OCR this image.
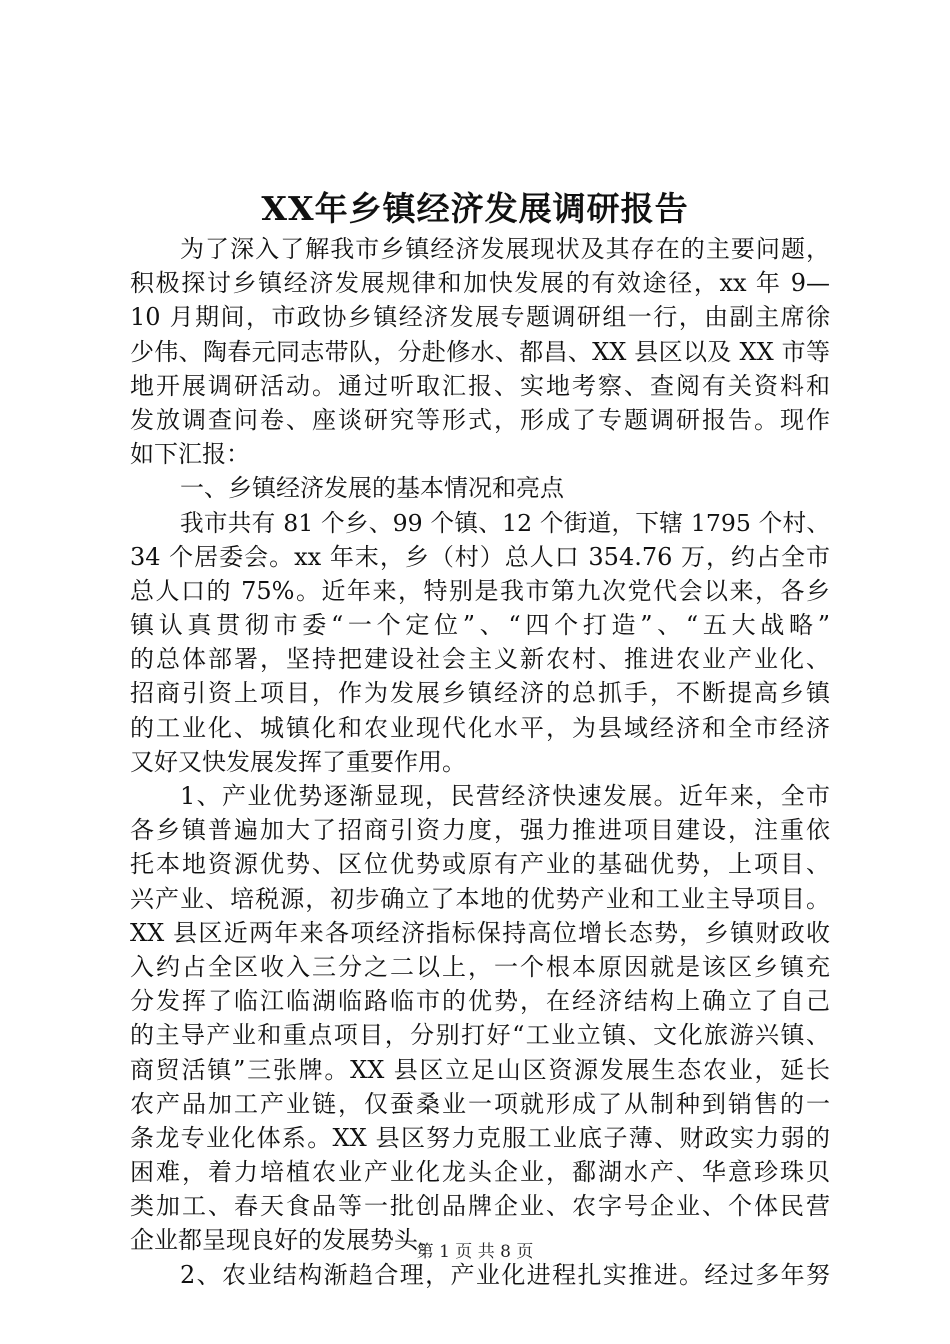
XX年乡镇经济发展调研报告
为了深入了解我市乡镇经济发展现状及其存在的主要问题，
积极探讨乡镇经济发展规律和加快发展的有效途径，xx 年 9—
10 月期间，市政协乡镇经济发展专题调研组一行，由副主席徐
少伟、陶春元同志带队，分赴修水、都昌、XX 县区以及 XX 市等
地开展调研活动。通过听取汇报、实地考察、查阅有关资料和
发放调查问卷、座谈研究等形式，形成了专题调研报告。现作
如下汇报：
一、乡镇经济发展的基本情况和亮点
我市共有 81 个乡、99 个镇、12 个街道，下辖 1795 个村、
34 个居委会。xx 年末，乡（村）总人口 354.76 万，约占全市
总人口的 75%。近年来，特别是我市第九次党代会以来，各乡
镇认真贯彻市委“一个定位”、“四个打造”、“五大战略”
的总体部署，坚持把建设社会主义新农村、推进农业产业化、
招商引资上项目，作为发展乡镇经济的总抓手，不断提高乡镇
的工业化、城镇化和农业现代化水平，为县域经济和全市经济
又好又快发展发挥了重要作用。
1、产业优势逐渐显现，民营经济快速发展。近年来，全市
各乡镇普遍加大了招商引资力度，强力推进项目建设，注重依
托本地资源优势、区位优势或原有产业的基础优势，上项目、
兴产业、培税源，初步确立了本地的优势产业和工业主导项目。
XX 县区近两年来各项经济指标保持高位增长态势，乡镇财政收
入约占全区收入三分之二以上，一个根本原因就是该区乡镇充
分发挥了临江临湖临路临市的优势，在经济结构上确立了自己
的主导产业和重点项目，分别打好“工业立镇、文化旅游兴镇、
商贸活镇”三张牌。XX 县区立足山区资源发展生态农业，延长
农产品加工产业链，仅蚕桑业一项就形成了从制种到销售的一
条龙专业化体系。XX 县区努力克服工业底子薄、财政实力弱的
困难，着力培植农业产业化龙头企业，鄱湖水产、华意珍珠贝
类加工、春天食品等一批创品牌企业、农字号企业、个体民营
企业都呈现良好的发展势头。
2、农业结构渐趋合理，产业化进程扎实推进。经过多年努
第 1 页 共 8 页
